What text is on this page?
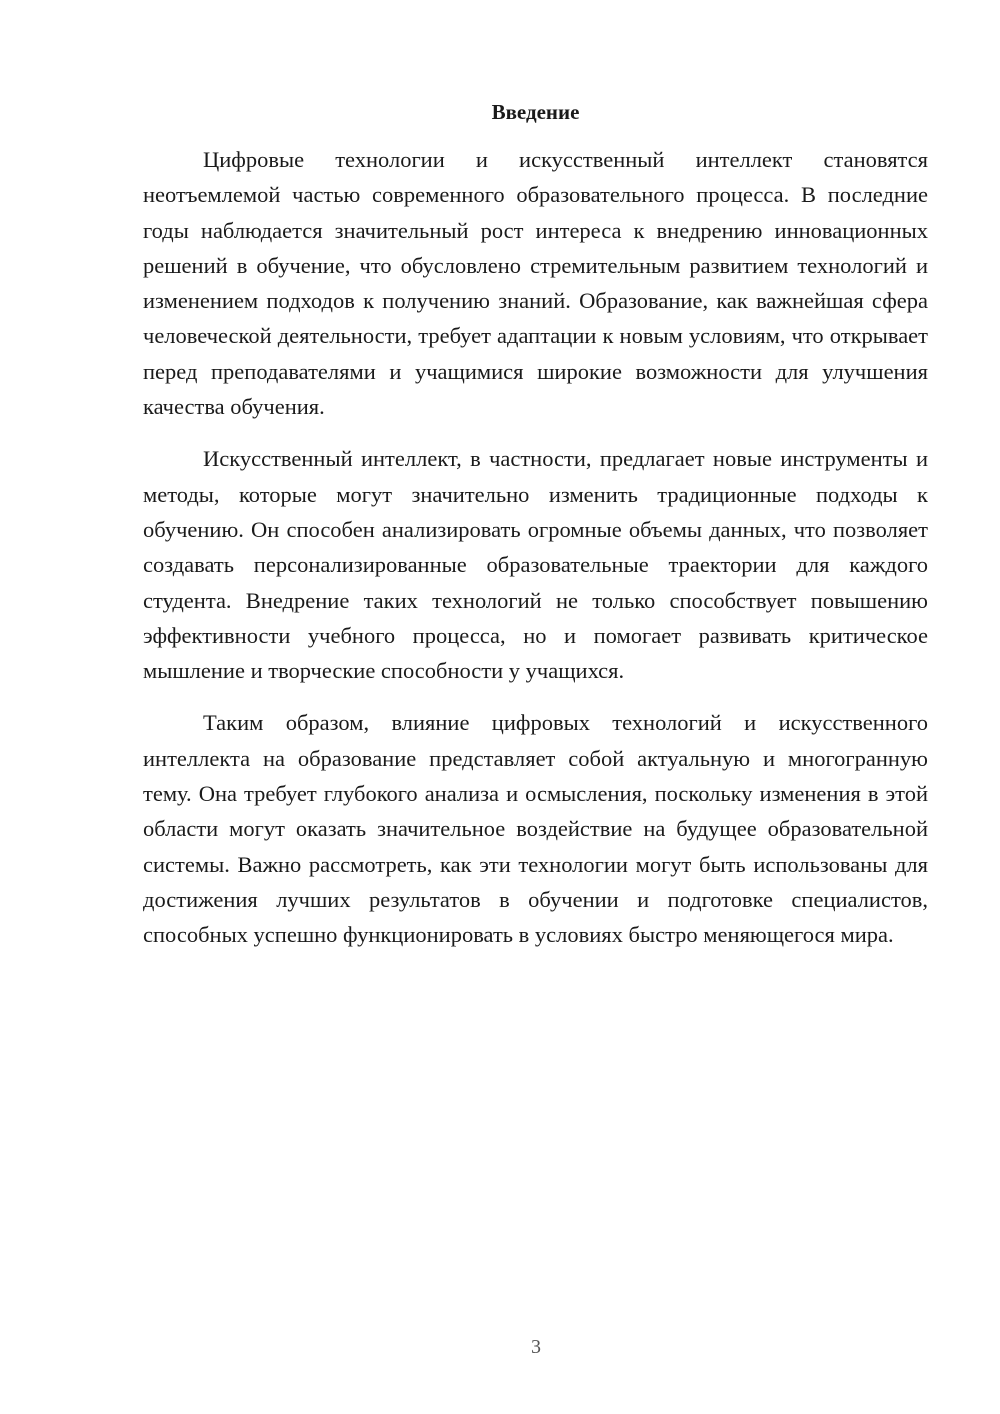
Введение

Цифровые технологии и искусственный интеллект становятся неотъемлемой частью современного образовательного процесса. В последние годы наблюдается значительный рост интереса к внедрению инновационных решений в обучение, что обусловлено стремительным развитием технологий и изменением подходов к получению знаний. Образование, как важнейшая сфера человеческой деятельности, требует адаптации к новым условиям, что открывает перед преподавателями и учащимися широкие возможности для улучшения качества обучения.

Искусственный интеллект, в частности, предлагает новые инструменты и методы, которые могут значительно изменить традиционные подходы к обучению. Он способен анализировать огромные объемы данных, что позволяет создавать персонализированные образовательные траектории для каждого студента. Внедрение таких технологий не только способствует повышению эффективности учебного процесса, но и помогает развивать критическое мышление и творческие способности у учащихся.

Таким образом, влияние цифровых технологий и искусственного интеллекта на образование представляет собой актуальную и многогранную тему. Она требует глубокого анализа и осмысления, поскольку изменения в этой области могут оказать значительное воздействие на будущее образовательной системы. Важно рассмотреть, как эти технологии могут быть использованы для достижения лучших результатов в обучении и подготовке специалистов, способных успешно функционировать в условиях быстро меняющегося мира.

3
